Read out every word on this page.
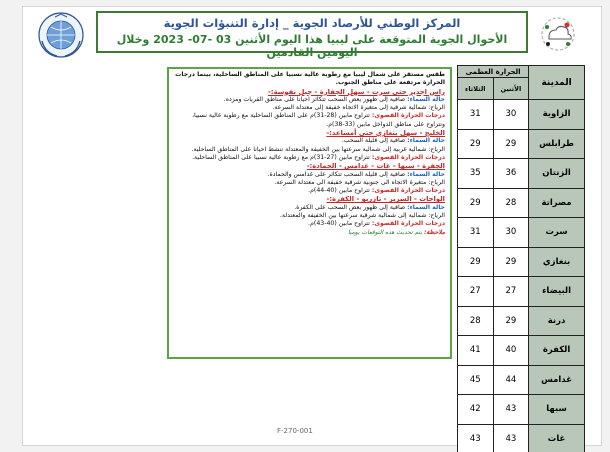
المركز الوطني للأرصاد الجوية _ إدارة التنبؤات الجوية
الأحوال الجوية المتوقعة على ليبيا هذا اليوم الأثنين 03 -07- 2023 وخلال اليومين القادمين
المدينة	الحرارة العظمى	
	الأثنين	الثلاثاء
الزاوية	30	31
طرابلس	29	29
الزنتان	36	35
مصراتة	28	29
سرت	30	31
بنغازي	29	29
البيضاء	27	27
درنة	29	28
الكفرة	40	41
غدامس	44	45
سبها	43	42
غات	43	43

طقس مستقر على شمال ليبيا مع رطوبة عالية نسبيا على المناطق الساحلية، بينما درجات الحرارة مرتفعة على مناطق الجنوب.

راس اجدير حتى سرت - سهل الجفارة - جبل نفوسة:-

حالة السماء: صافية إلى ظهور بعض السحب تتكاثر احيانا على مناطق القريات ومزده.

الرياح: شمالية شرقية إلى متغيرة الاتجاه خفيفة إلى معتدلة السرعة.

درجات الحرارة القصوى: تتراوح مابين (28-31)م على المناطق الساحلية مع رطوبة عالية نسبيا، وتتراوح على مناطق الدواخل مابين (33-38)م.

الخليج - سهل بنغازي حتى أمساعد:-

حالة السماء: صافية إلى قليلة السحب.

الرياح: شمالية غربية إلى شمالية سرعتها بين الخفيفة والمعتدلة تنشط احيانا على المناطق الساحلية.

درجات الحرارة القصوى: تتراوح مابين (27-31)م مع رطوبة عالية نسبيا على المناطق الساحلية.

الجفرة - سبها - غات - غدامس - الحمادة:-

حالة السماء: صافية إلى قليلة السحب تتكاثر على غدامس والحمادة.

الرياح: متغيرة الاتجاه الى جنوبية شرقية خفيفة الى معتدلة السرعة.

درجات الحرارة القصوى: تتراوح مابين (40-44)م.

الواحات - السرير - تازربو - الكفرة:-

حالة السماء: صافية إلى ظهور بعض السحب على الكفرة.

الرياح: شمالية إلى شمالية شرقية سرعتها بين الخفيفة والمعتدلة.

درجات الحرارة القصوى: تتراوح مابين (40-43)م.

ملاحظة: يتم تحديث هذه التوقعات يوميا

F-270-001
